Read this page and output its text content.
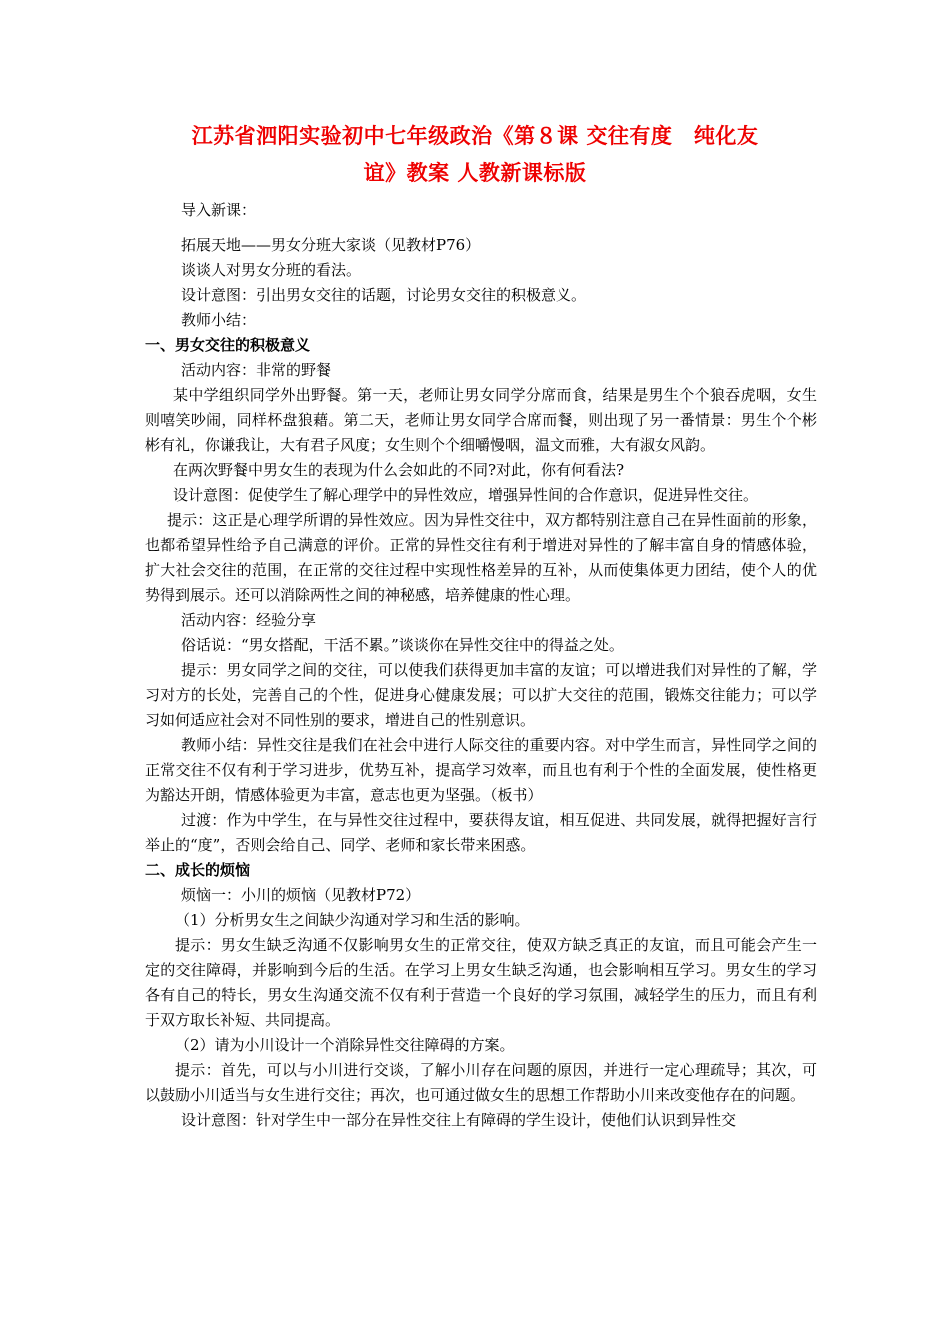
江苏省泗阳实验初中七年级政治《第８课 交往有度　纯化友
谊》教案 人教新课标版

导入新课：

拓展天地——男女分班大家谈（见教材P76）

谈谈人对男女分班的看法。

设计意图：引出男女交往的话题，讨论男女交往的积极意义。

教师小结：

一、男女交往的积极意义

活动内容：非常的野餐

某中学组织同学外出野餐。第一天，老师让男女同学分席而食，结果是男生个个狼吞虎咽，女生则嘻笑吵闹，同样杯盘狼藉。第二天，老师让男女同学合席而餐，则出现了另一番情景：男生个个彬彬有礼，你谦我让，大有君子风度；女生则个个细嚼慢咽，温文而雅，大有淑女风韵。

在两次野餐中男女生的表现为什么会如此的不同?对此，你有何看法?

设计意图：促使学生了解心理学中的异性效应，增强异性间的合作意识，促进异性交往。

提示：这正是心理学所谓的异性效应。因为异性交往中，双方都特别注意自己在异性面前的形象，也都希望异性给予自己满意的评价。正常的异性交往有利于增进对异性的了解丰富自身的情感体验，扩大社会交往的范围，在正常的交往过程中实现性格差异的互补，从而使集体更力团结，使个人的优势得到展示。还可以消除两性之间的神秘感，培养健康的性心理。

活动内容：经验分享

俗话说：“男女搭配，干活不累。”谈谈你在异性交往中的得益之处。

提示：男女同学之间的交往，可以使我们获得更加丰富的友谊；可以增进我们对异性的了解，学习对方的长处，完善自己的个性，促进身心健康发展；可以扩大交往的范围，锻炼交往能力；可以学习如何适应社会对不同性别的要求，增进自己的性别意识。

教师小结：异性交往是我们在社会中进行人际交往的重要内容。对中学生而言，异性同学之间的正常交往不仅有利于学习进步，优势互补，提高学习效率，而且也有利于个性的全面发展，使性格更为豁达开朗，情感体验更为丰富，意志也更为坚强。（板书）

过渡：作为中学生，在与异性交往过程中，要获得友谊，相互促进、共同发展，就得把握好言行举止的“度”，否则会给自己、同学、老师和家长带来困惑。

二、成长的烦恼

烦恼一：小川的烦恼（见教材P72）

（1）分析男女生之间缺少沟通对学习和生活的影响。

提示：男女生缺乏沟通不仅影响男女生的正常交往，使双方缺乏真正的友谊，而且可能会产生一定的交往障碍，并影响到今后的生活。在学习上男女生缺乏沟通，也会影响相互学习。男女生的学习各有自己的特长，男女生沟通交流不仅有利于营造一个良好的学习氛围，减轻学生的压力，而且有利于双方取长补短、共同提高。

（2）请为小川设计一个消除异性交往障碍的方案。

提示：首先，可以与小川进行交谈，了解小川存在问题的原因，并进行一定心理疏导；其次，可以鼓励小川适当与女生进行交往；再次，也可通过做女生的思想工作帮助小川来改变他存在的问题。

设计意图：针对学生中一部分在异性交往上有障碍的学生设计，使他们认识到异性交
